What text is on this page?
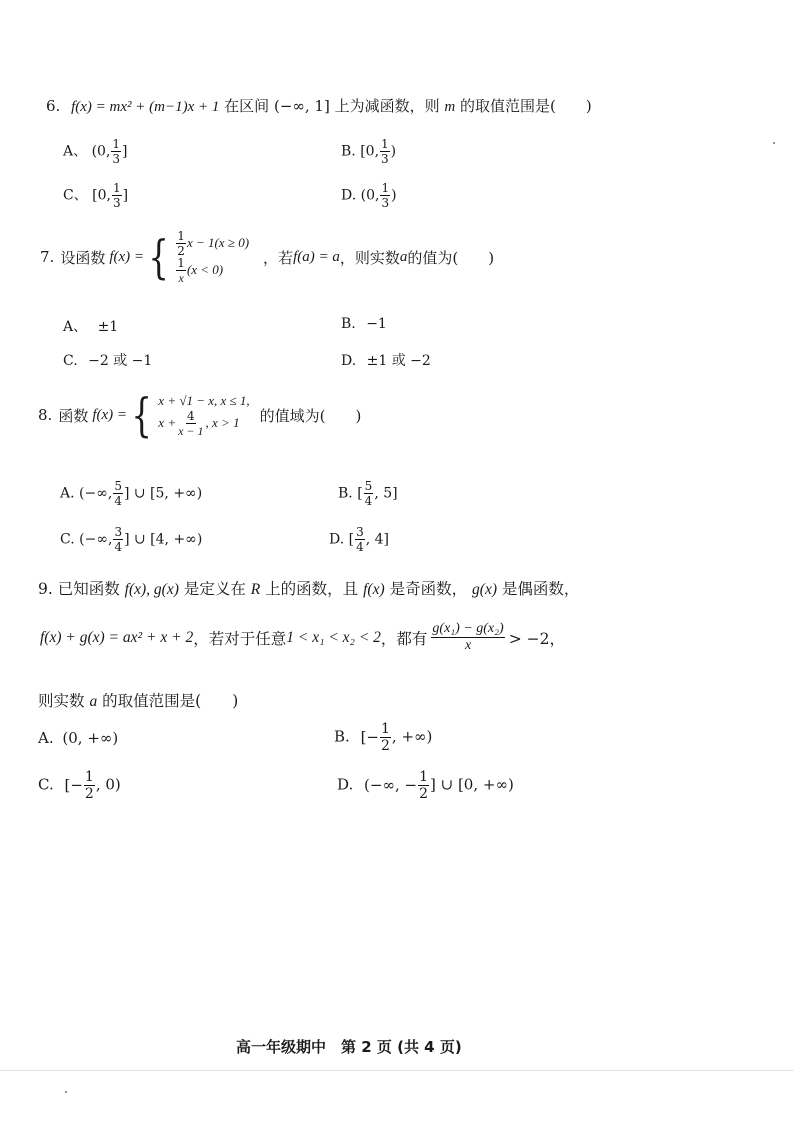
6. f(x) = mx² + (m−1)x + 1 在区间 (−∞, 1] 上为减函数，则 m 的取值范围是(　　)
A、 (0, $\frac{1}{3}$ ]	B. [0, $\frac{1}{3}$ )
C、 [0, $\frac{1}{3}$ ]	D. (0, $\frac{1}{3}$ )
7. 设函数 f(x) = { $\frac{1}{2}$ x − 1(x ≥ 0)
$\frac{1}{x} (x < 0)$
，若 f(a) = a ，则实数 a 的值为(　　)
A、 ±1	B. −1
C. −2 或 −1	D. ±1 或 −2
8. 函数 f(x) = { x + √1 − x, x ≤ 1,
$x + \frac{4}{x - 1}$ , x > 1	的值域为(　　)
A. (−∞, $\frac{5}{4}$ ] ∪ [5, +∞)	B. [ $\frac{5}{4}$ , 5]
C. (−∞, $\frac{3}{4}$ ] ∪ [4, +∞)	D. [ $\frac{3}{4}$ , 4]
9. 已知函数 f(x), g(x) 是定义在 R 上的函数，且 f(x) 是奇函数， g(x) 是偶函数，
f(x) + g(x) = ax² + x + 2 ，若对于任意 1 < x₁ < x₂ < 2 ，都有 $\frac{\text{g(x₁) − g(x₂)}}{x} > -2$，
则实数 a 的取值范围是(　　)
A. (0, +∞)	B. [− $\frac{1}{2}$ , +∞)
C. [− $\frac{1}{2}$ , 0)	D. (−∞, − $\frac{1}{2}$ ] ∪ [0, +∞)
高一年级期中　第 2 页 (共 4 页)
